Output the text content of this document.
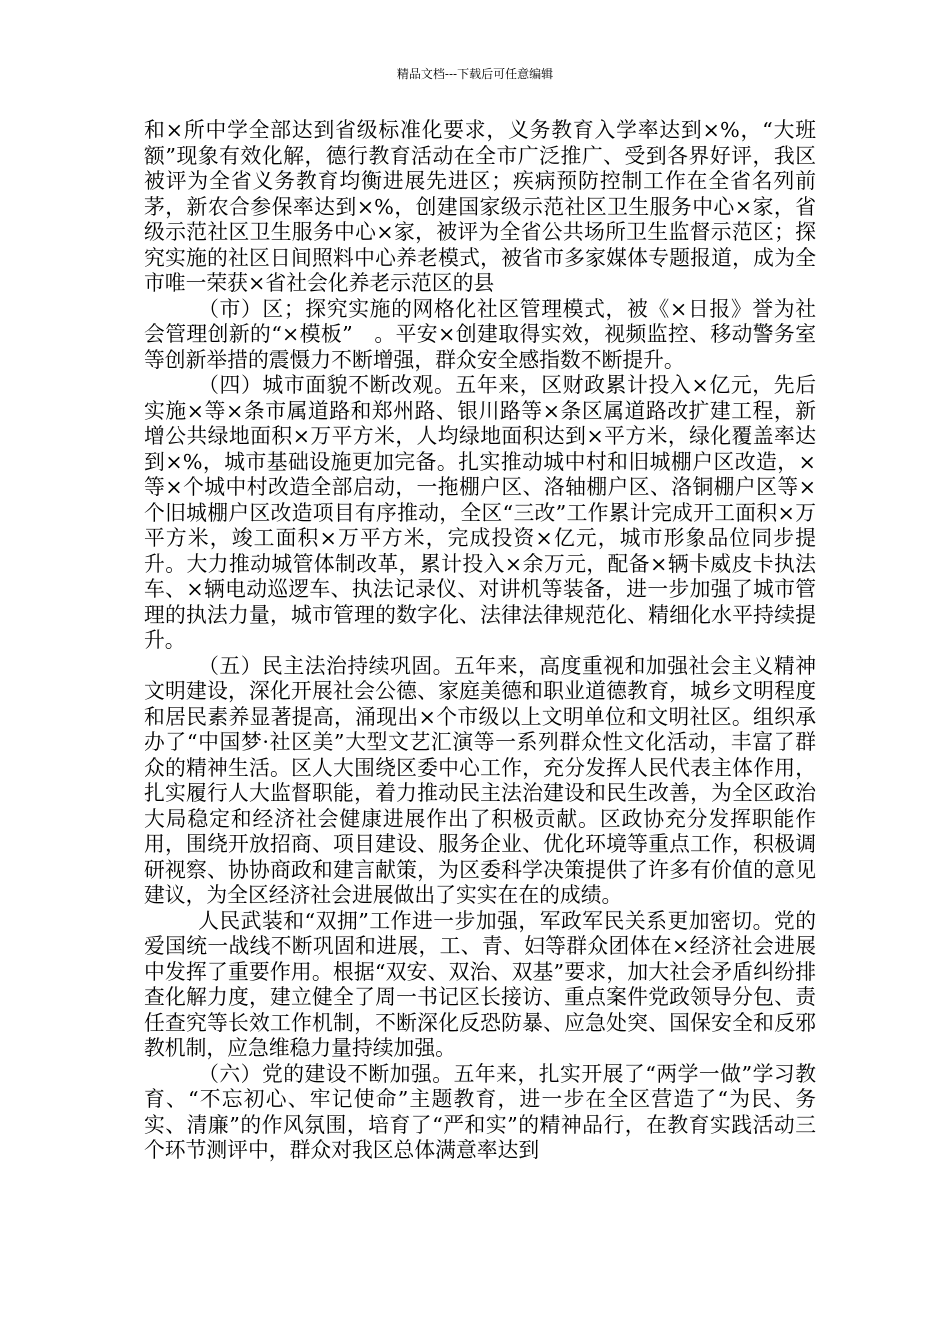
精品文档---下载后可任意编辑

和×所中学全部达到省级标准化要求，义务教育入学率达到×%，“大班额”现象有效化解，德行教育活动在全市广泛推广、受到各界好评，我区被评为全省义务教育均衡进展先进区；疾病预防控制工作在全省名列前茅，新农合参保率达到×%，创建国家级示范社区卫生服务中心×家，省级示范社区卫生服务中心×家，被评为全省公共场所卫生监督示范区；探究实施的社区日间照料中心养老模式，被省市多家媒体专题报道，成为全市唯一荣获×省社会化养老示范区的县

（市）区；探究实施的网格化社区管理模式，被《×日报》誉为社会管理创新的“×模板”　。平安×创建取得实效，视频监控、移动警务室等创新举措的震慑力不断增强，群众安全感指数不断提升。

（四）城市面貌不断改观。五年来，区财政累计投入×亿元，先后实施×等×条市属道路和郑州路、银川路等×条区属道路改扩建工程，新增公共绿地面积×万平方米，人均绿地面积达到×平方米，绿化覆盖率达到×%，城市基础设施更加完备。扎实推动城中村和旧城棚户区改造，×等×个城中村改造全部启动，一拖棚户区、洛轴棚户区、洛铜棚户区等×个旧城棚户区改造项目有序推动，全区“三改”工作累计完成开工面积×万平方米，竣工面积×万平方米，完成投资×亿元，城市形象品位同步提升。大力推动城管体制改革，累计投入×余万元，配备×辆卡威皮卡执法车、×辆电动巡逻车、执法记录仪、对讲机等装备，进一步加强了城市管理的执法力量，城市管理的数字化、法律法律规范化、精细化水平持续提升。

（五）民主法治持续巩固。五年来，高度重视和加强社会主义精神文明建设，深化开展社会公德、家庭美德和职业道德教育，城乡文明程度和居民素养显著提高，涌现出×个市级以上文明单位和文明社区。组织承办了“中国梦·社区美”大型文艺汇演等一系列群众性文化活动，丰富了群众的精神生活。区人大围绕区委中心工作，充分发挥人民代表主体作用，扎实履行人大监督职能，着力推动民主法治建设和民生改善，为全区政治大局稳定和经济社会健康进展作出了积极贡献。区政协充分发挥职能作用，围绕开放招商、项目建设、服务企业、优化环境等重点工作，积极调研视察、协协商政和建言献策，为区委科学决策提供了许多有价值的意见建议，为全区经济社会进展做出了实实在在的成绩。

人民武装和“双拥”工作进一步加强，军政军民关系更加密切。党的爱国统一战线不断巩固和进展，工、青、妇等群众团体在×经济社会进展中发挥了重要作用。根据“双安、双治、双基”要求，加大社会矛盾纠纷排查化解力度，建立健全了周一书记区长接访、重点案件党政领导分包、责任查究等长效工作机制，不断深化反恐防暴、应急处突、国保安全和反邪教机制，应急维稳力量持续加强。

（六）党的建设不断加强。五年来，扎实开展了“两学一做”学习教育、“不忘初心、牢记使命”主题教育，进一步在全区营造了“为民、务实、清廉”的作风氛围，培育了“严和实”的精神品行，在教育实践活动三个环节测评中，群众对我区总体满意率达到
